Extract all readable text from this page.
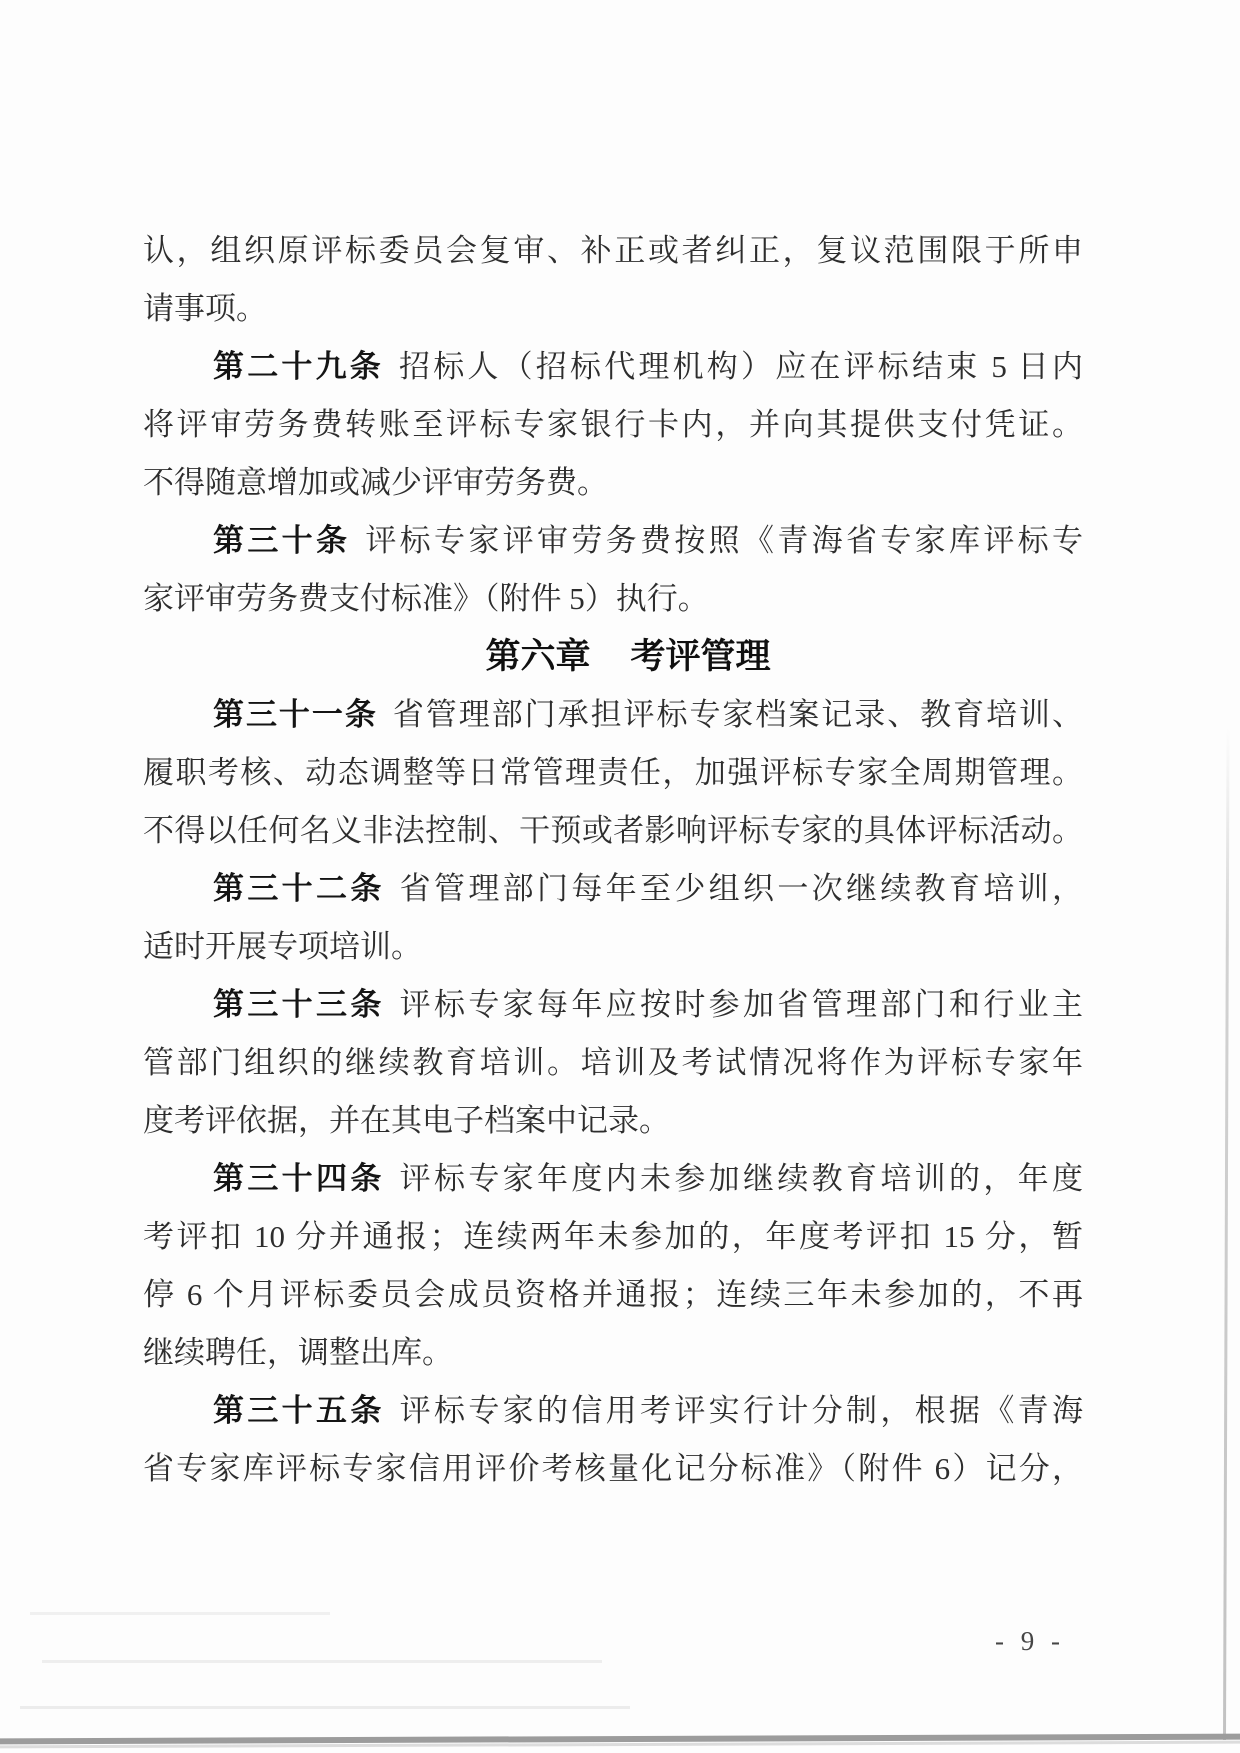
认，组织原评标委员会复审、补正或者纠正，复议范围限于所申
请事项。
第二十九条 招标人（招标代理机构）应在评标结束 5 日内
将评审劳务费转账至评标专家银行卡内，并向其提供支付凭证。
不得随意增加或减少评审劳务费。
第三十条 评标专家评审劳务费按照《青海省专家库评标专
家评审劳务费支付标准》（附件 5）执行。
第六章 考评管理
第三十一条 省管理部门承担评标专家档案记录、教育培训、
履职考核、动态调整等日常管理责任，加强评标专家全周期管理。
不得以任何名义非法控制、干预或者影响评标专家的具体评标活动。
第三十二条 省管理部门每年至少组织一次继续教育培训，
适时开展专项培训。
第三十三条 评标专家每年应按时参加省管理部门和行业主
管部门组织的继续教育培训。培训及考试情况将作为评标专家年
度考评依据，并在其电子档案中记录。
第三十四条 评标专家年度内未参加继续教育培训的，年度
考评扣 10 分并通报；连续两年未参加的，年度考评扣 15 分，暂
停 6 个月评标委员会成员资格并通报；连续三年未参加的，不再
继续聘任，调整出库。
第三十五条 评标专家的信用考评实行计分制，根据《青海
省专家库评标专家信用评价考核量化记分标准》（附件 6）记分，
- 9 -
